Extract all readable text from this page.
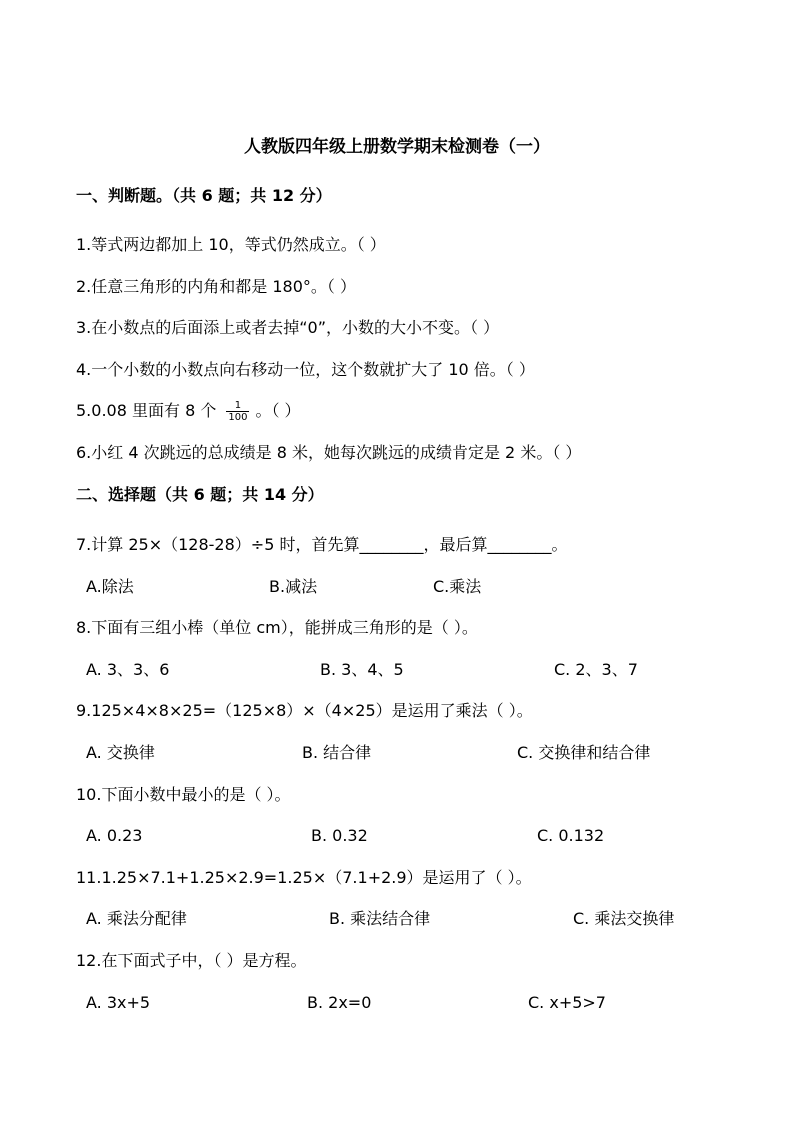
人教版四年级上册数学期末检测卷（一）
一、判断题。（共 6 题；共 12 分）
1.等式两边都加上 10，等式仍然成立。（ ）
2.任意三角形的内角和都是 180°。（ ）
3.在小数点的后面添上或者去掉“0”，小数的大小不变。（ ）
4.一个小数的小数点向右移动一位，这个数就扩大了 10 倍。（ ）
5.0.08 里面有 8 个 $\frac{1}{100}$ 。（ ）
6.小红 4 次跳远的总成绩是 8 米，她每次跳远的成绩肯定是 2 米。（ ）
二、选择题（共 6 题；共 14 分）
7.计算 25×（128-28）÷5 时，首先算________，最后算________。
A.除法	B.减法	C.乘法
8.下面有三组小棒（单位 cm），能拼成三角形的是（ ）。
A. 3、3、6	B. 3、4、5	C. 2、3、7
9.125×4×8×25=（125×8）×（4×25）是运用了乘法（ ）。
A. 交换律	B. 结合律	C. 交换律和结合律
10.下面小数中最小的是（ ）。
A. 0.23	B. 0.32	C. 0.132
11.1.25×7.1+1.25×2.9=1.25×（7.1+2.9）是运用了（ ）。
A. 乘法分配律	B. 乘法结合律	C. 乘法交换律
12.在下面式子中，（ ）是方程。
A. 3x+5	B. 2x=0	C. x+5>7
